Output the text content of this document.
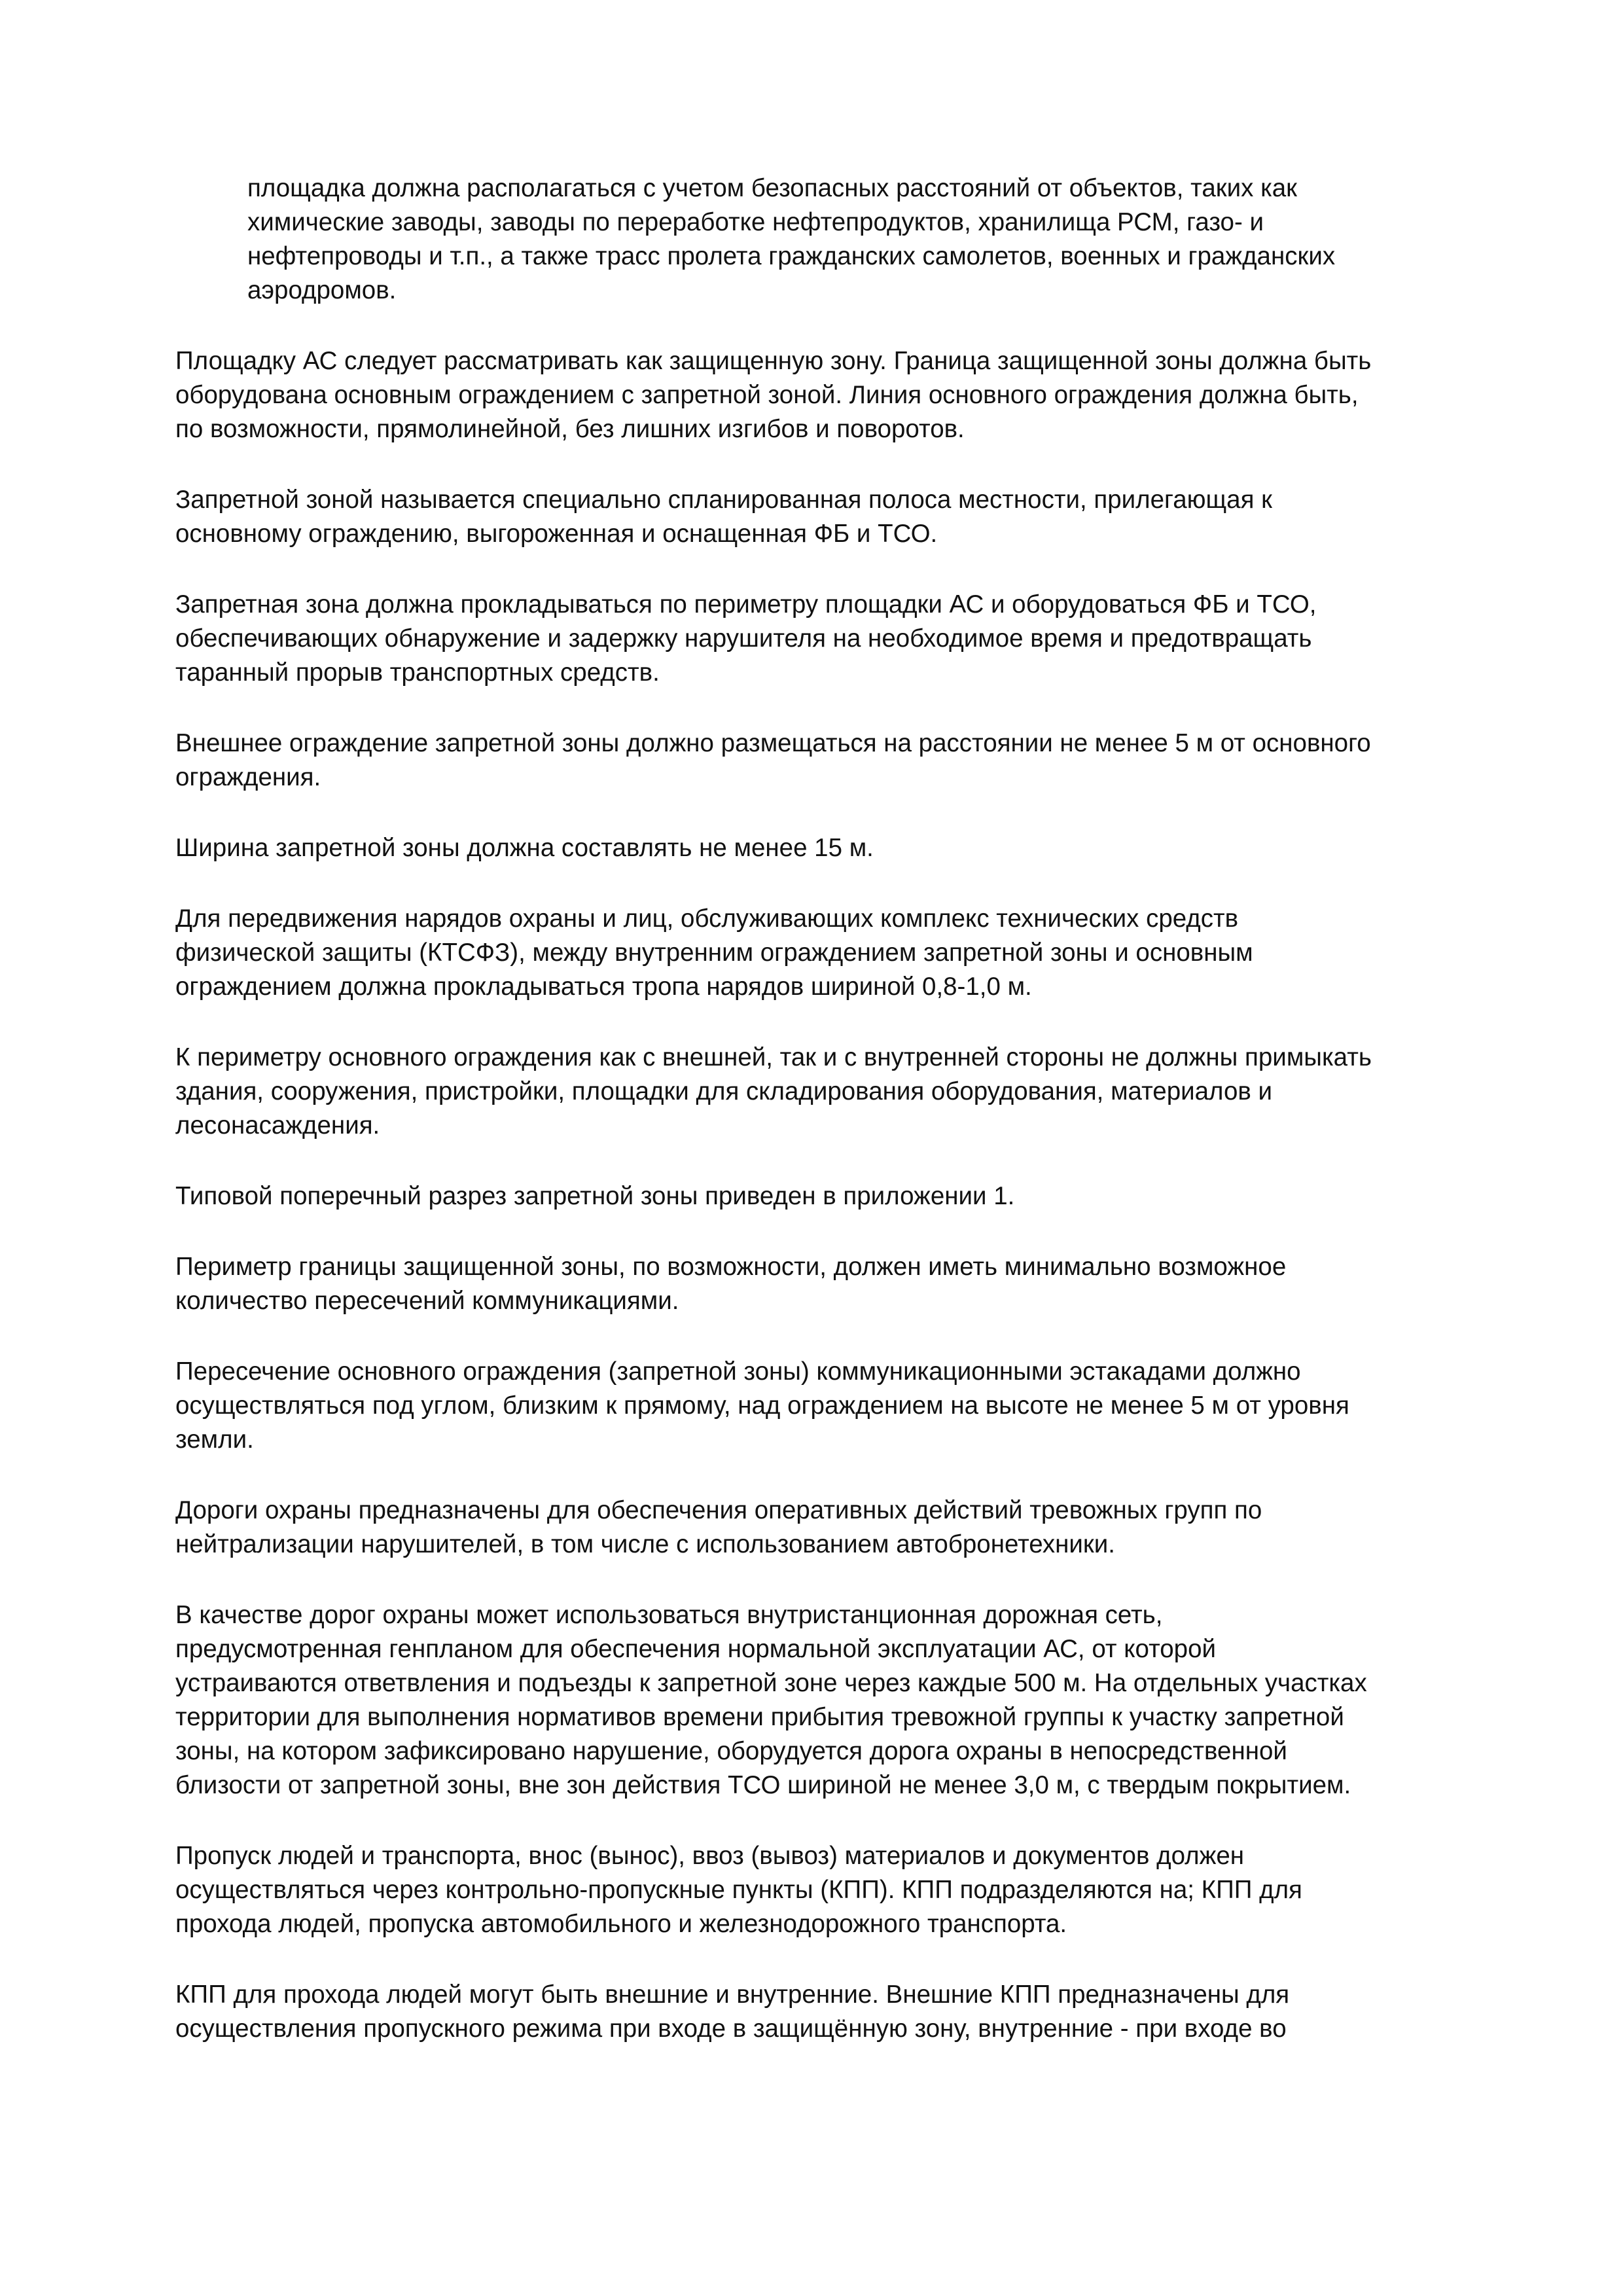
площадка должна располагаться с учетом безопасных расстояний от объектов, таких как
химические заводы, заводы по переработке нефтепродуктов, хранилища РСМ, газо- и
нефтепроводы и т.п., а также трасс пролета гражданских самолетов, военных и гражданских
аэродромов.

Площадку АС следует рассматривать как защищенную зону. Граница защищенной зоны должна быть
оборудована основным ограждением с запретной зоной. Линия основного ограждения должна быть,
по возможности, прямолинейной, без лишних изгибов и поворотов.

Запретной зоной называется специально спланированная полоса местности, прилегающая к
основному ограждению, выгороженная и оснащенная ФБ и ТСО.

Запретная зона должна прокладываться по периметру площадки АС и оборудоваться ФБ и ТСО,
обеспечивающих обнаружение и задержку нарушителя на необходимое время и предотвращать
таранный прорыв транспортных средств.

Внешнее ограждение запретной зоны должно размещаться на расстоянии не менее 5 м от основного
ограждения.

Ширина запретной зоны должна составлять не менее 15 м.

Для передвижения нарядов охраны и лиц, обслуживающих комплекс технических средств
физической защиты (КТСФЗ), между внутренним ограждением запретной зоны и основным
ограждением должна прокладываться тропа нарядов шириной 0,8-1,0 м.

К периметру основного ограждения как с внешней, так и с внутренней стороны не должны примыкать
здания, сооружения, пристройки, площадки для складирования оборудования, материалов и
лесонасаждения.

Типовой поперечный разрез запретной зоны приведен в приложении 1.

Периметр границы защищенной зоны, по возможности, должен иметь минимально возможное
количество пересечений коммуникациями.

Пересечение основного ограждения (запретной зоны) коммуникационными эстакадами должно
осуществляться под углом, близким к прямому, над ограждением на высоте не менее 5 м от уровня
земли.

Дороги охраны предназначены для обеспечения оперативных действий тревожных групп по
нейтрализации нарушителей, в том числе с использованием автобронетехники.

В качестве дорог охраны может использоваться внутристанционная дорожная сеть,
предусмотренная генпланом для обеспечения нормальной эксплуатации АС, от которой
устраиваются ответвления и подъезды к запретной зоне через каждые 500 м. На отдельных участках
территории для выполнения нормативов времени прибытия тревожной группы к участку запретной
зоны, на котором зафиксировано нарушение, оборудуется дорога охраны в непосредственной
близости от запретной зоны, вне зон действия ТСО шириной не менее 3,0 м, с твердым покрытием.

Пропуск людей и транспорта, внос (вынос), ввоз (вывоз) материалов и документов должен
осуществляться через контрольно-пропускные пункты (КПП). КПП подразделяются на; КПП для
прохода людей, пропуска автомобильного и железнодорожного транспорта.

КПП для прохода людей могут быть внешние и внутренние. Внешние КПП предназначены для
осуществления пропускного режима при входе в защищённую зону, внутренние - при входе во
